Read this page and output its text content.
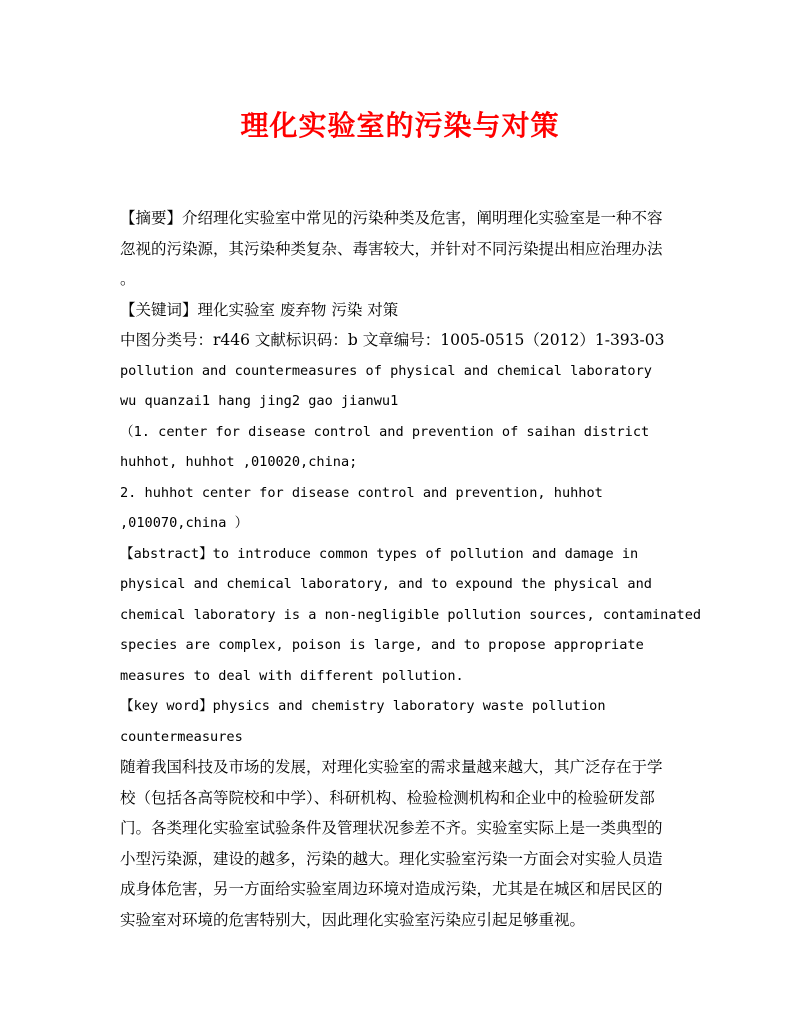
理化实验室的污染与对策
【摘要】介绍理化实验室中常见的污染种类及危害，阐明理化实验室是一种不容
忽视的污染源，其污染种类复杂、毒害较大，并针对不同污染提出相应治理办法
。
【关键词】理化实验室 废弃物 污染 对策
中图分类号：r446 文献标识码：b 文章编号：1005-0515（2012）1-393-03
pollution and countermeasures of physical and chemical laboratory
wu quanzai1 hang jing2 gao jianwu1
（1. center for disease control and prevention of saihan district
huhhot, huhhot ,010020,china;
2. huhhot center for disease control and prevention, huhhot
,010070,china ）
【abstract】to introduce common types of pollution and damage in
physical and chemical laboratory, and to expound the physical and
chemical laboratory is a non-negligible pollution sources, contaminated
species are complex, poison is large, and to propose appropriate
measures to deal with different pollution.
【key word】physics and chemistry laboratory waste pollution
countermeasures
随着我国科技及市场的发展，对理化实验室的需求量越来越大，其广泛存在于学
校（包括各高等院校和中学）、科研机构、检验检测机构和企业中的检验研发部
门。各类理化实验室试验条件及管理状况参差不齐。实验室实际上是一类典型的
小型污染源，建设的越多，污染的越大。理化实验室污染一方面会对实验人员造
成身体危害，另一方面给实验室周边环境对造成污染，尤其是在城区和居民区的
实验室对环境的危害特别大，因此理化实验室污染应引起足够重视。
